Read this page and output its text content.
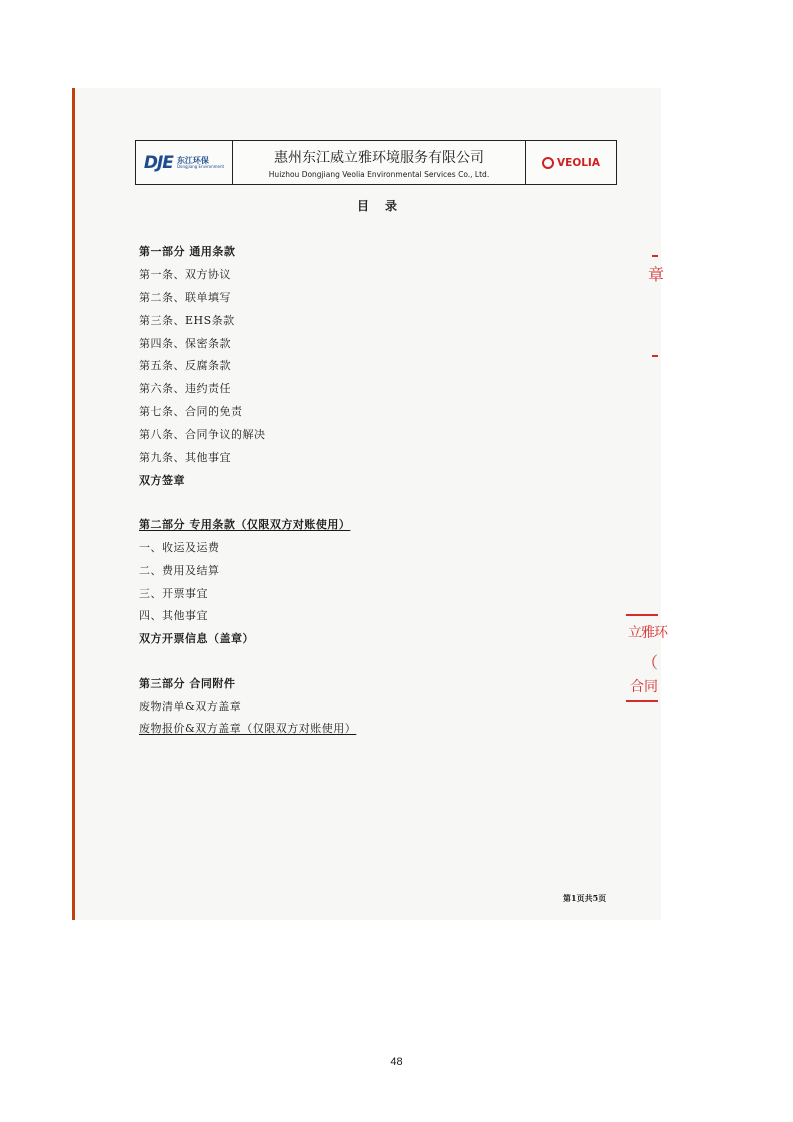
DJE 东江环保
Dongjiang Environment
惠州东江威立雅环境服务有限公司
Huizhou Dongjiang Veolia Environmental Services Co., Ltd.
VEOLIA
目录
第一部分 通用条款
第一条、双方协议
第二条、联单填写
第三条、EHS条款
第四条、保密条款
第五条、反腐条款
第六条、违约责任
第七条、合同的免责
第八条、合同争议的解决
第九条、其他事宜
双方签章
第二部分 专用条款（仅限双方对账使用）
一、收运及运费
二、费用及结算
三、开票事宜
四、其他事宜
双方开票信息（盖章）
第三部分 合同附件
废物清单&双方盖章
废物报价&双方盖章（仅限双方对账使用）
章
立雅环
（
合同
第1页共5页
48
